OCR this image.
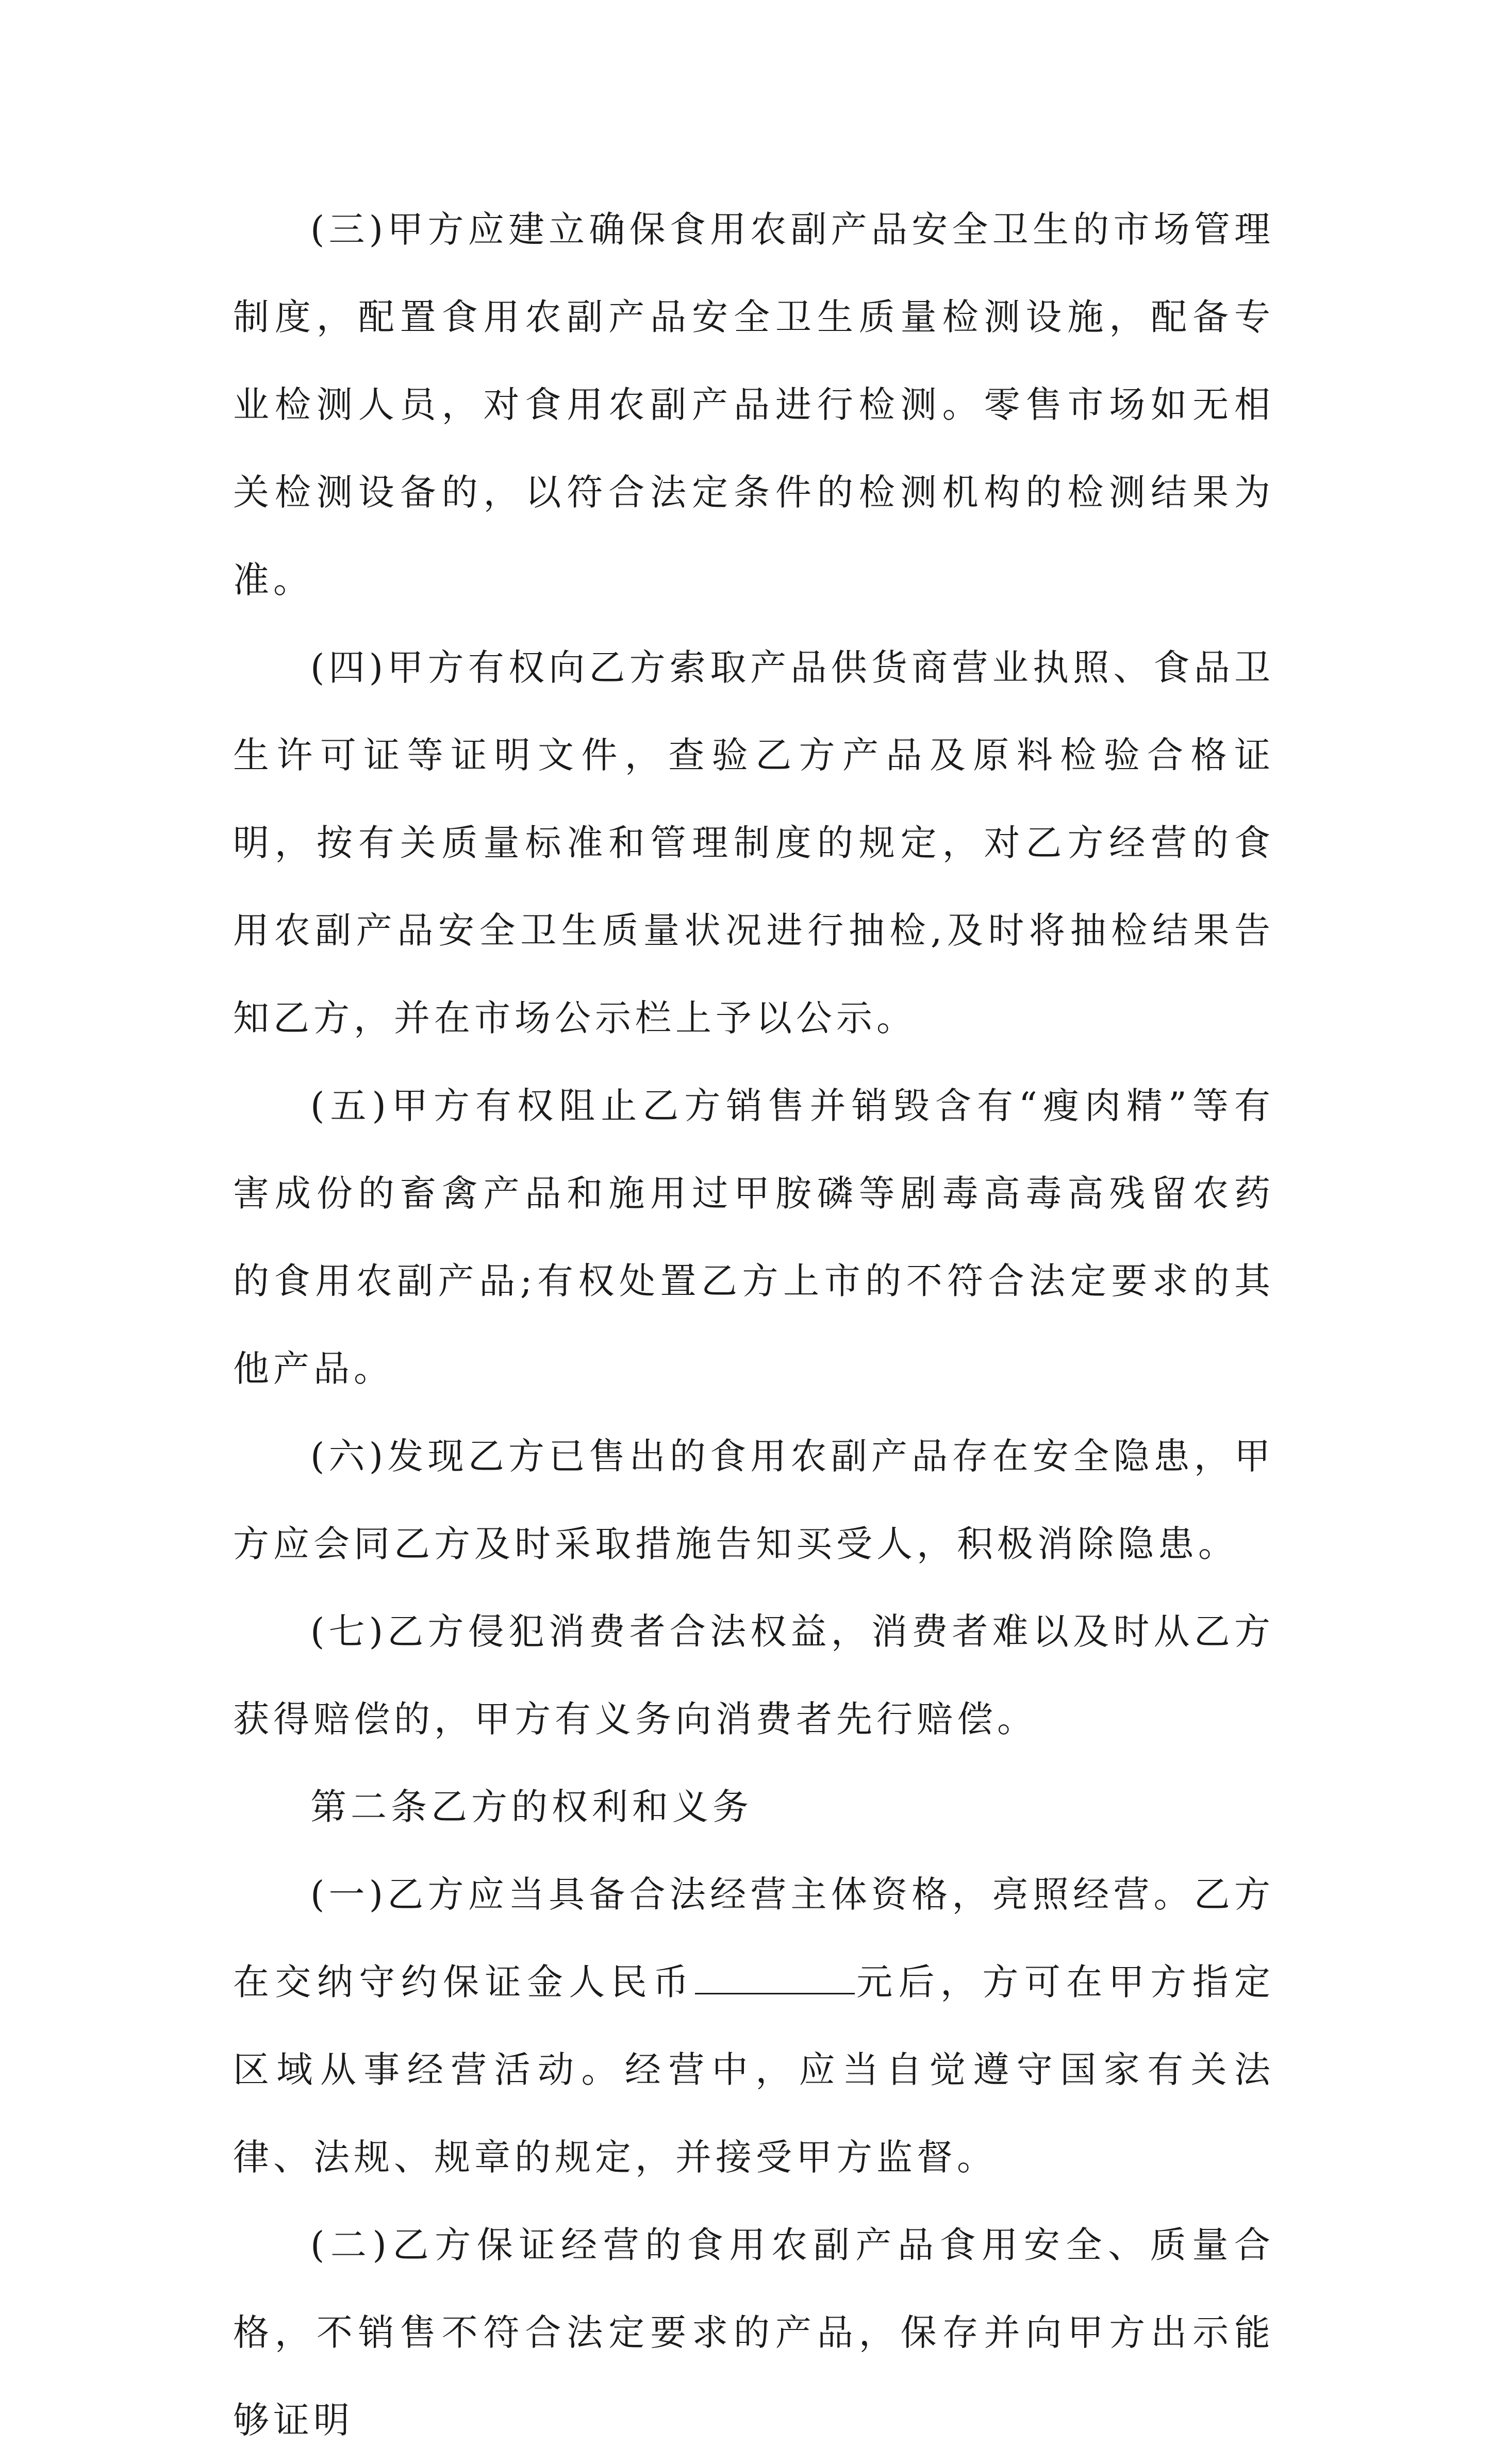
(三)甲方应建立确保食用农副产品安全卫生的市场管理制度，配置食用农副产品安全卫生质量检测设施，配备专业检测人员，对食用农副产品进行检测。零售市场如无相关检测设备的，以符合法定条件的检测机构的检测结果为准。

(四)甲方有权向乙方索取产品供货商营业执照、食品卫生许可证等证明文件，查验乙方产品及原料检验合格证明，按有关质量标准和管理制度的规定，对乙方经营的食用农副产品安全卫生质量状况进行抽检,及时将抽检结果告知乙方，并在市场公示栏上予以公示。

(五)甲方有权阻止乙方销售并销毁含有“瘦肉精”等有害成份的畜禽产品和施用过甲胺磷等剧毒高毒高残留农药的食用农副产品;有权处置乙方上市的不符合法定要求的其他产品。

(六)发现乙方已售出的食用农副产品存在安全隐患，甲方应会同乙方及时采取措施告知买受人，积极消除隐患。

(七)乙方侵犯消费者合法权益，消费者难以及时从乙方获得赔偿的，甲方有义务向消费者先行赔偿。

第二条乙方的权利和义务

(一)乙方应当具备合法经营主体资格，亮照经营。乙方在交纳守约保证金人民币	元后，方可在甲方指定区域从事经营活动。经营中，应当自觉遵守国家有关法律、法规、规章的规定，并接受甲方监督。

(二)乙方保证经营的食用农副产品食用安全、质量合格，不销售不符合法定要求的产品，保存并向甲方出示能够证明
